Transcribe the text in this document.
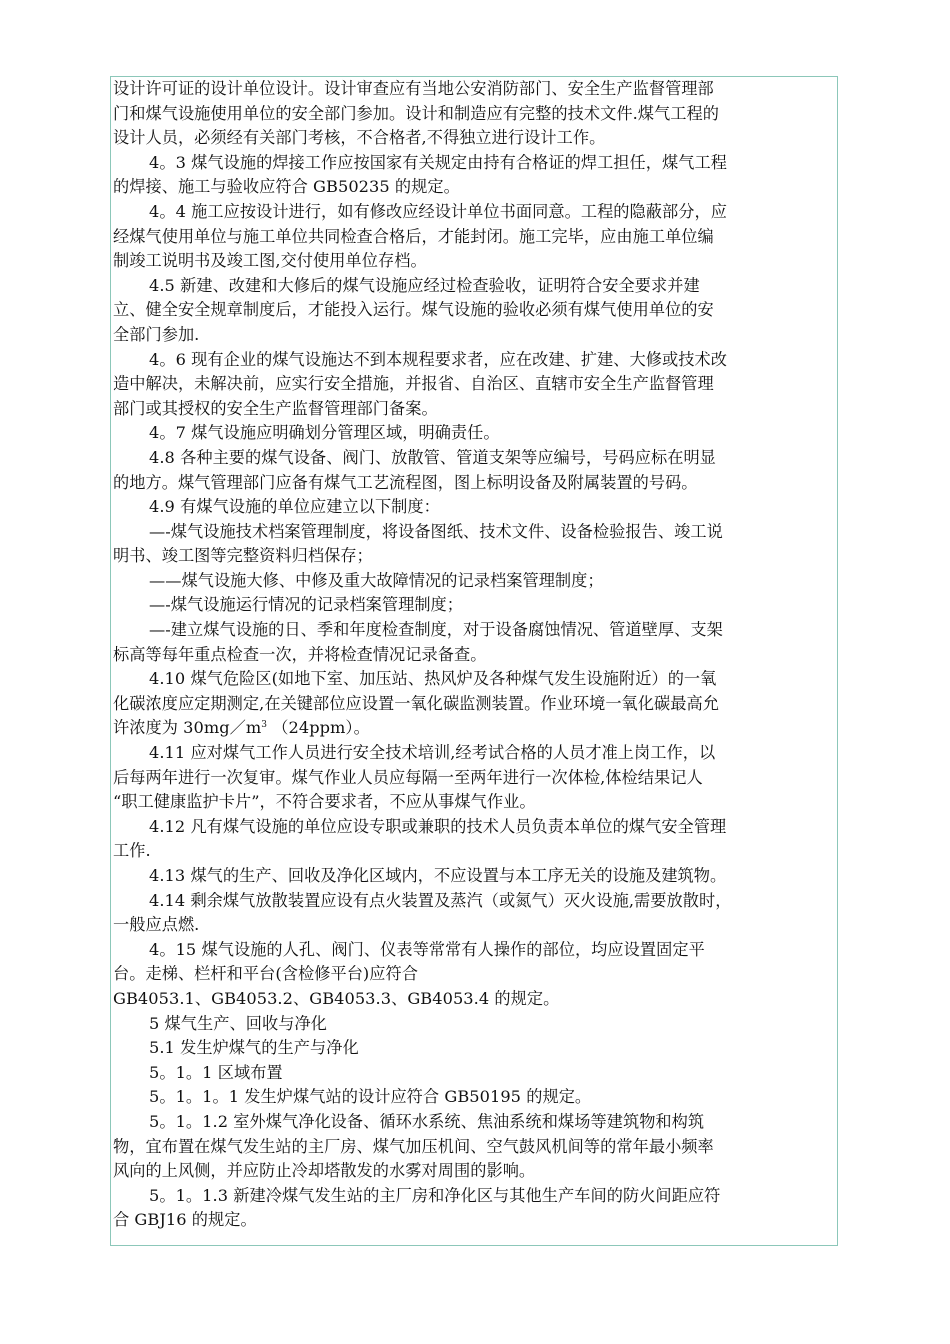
设计许可证的设计单位设计。设计审查应有当地公安消防部门、安全生产监督管理部
门和煤气设施使用单位的安全部门参加。设计和制造应有完整的技术文件.煤气工程的
设计人员，必须经有关部门考核，不合格者,不得独立进行设计工作。
4。3 煤气设施的焊接工作应按国家有关规定由持有合格证的焊工担任，煤气工程
的焊接、施工与验收应符合 GB50235 的规定。
4。4 施工应按设计进行，如有修改应经设计单位书面同意。工程的隐蔽部分，应
经煤气使用单位与施工单位共同检查合格后，才能封闭。施工完毕，应由施工单位编
制竣工说明书及竣工图,交付使用单位存档。
4.5 新建、改建和大修后的煤气设施应经过检查验收，证明符合安全要求并建
立、健全安全规章制度后，才能投入运行。煤气设施的验收必须有煤气使用单位的安
全部门参加.
4。6 现有企业的煤气设施达不到本规程要求者，应在改建、扩建、大修或技术改
造中解决，未解决前，应实行安全措施，并报省、自治区、直辖市安全生产监督管理
部门或其授权的安全生产监督管理部门备案。
4。7 煤气设施应明确划分管理区域，明确责任。
4.8 各种主要的煤气设备、阀门、放散管、管道支架等应编号，号码应标在明显
的地方。煤气管理部门应备有煤气工艺流程图，图上标明设备及附属装置的号码。
4.9 有煤气设施的单位应建立以下制度：
—-煤气设施技术档案管理制度，将设备图纸、技术文件、设备检验报告、竣工说
明书、竣工图等完整资料归档保存；
——煤气设施大修、中修及重大故障情况的记录档案管理制度；
—-煤气设施运行情况的记录档案管理制度；
—-建立煤气设施的日、季和年度检查制度，对于设备腐蚀情况、管道壁厚、支架
标高等每年重点检查一次，并将检查情况记录备查。
4.10 煤气危险区(如地下室、加压站、热风炉及各种煤气发生设施附近）的一氧
化碳浓度应定期测定,在关键部位应设置一氧化碳监测装置。作业环境一氧化碳最高允
许浓度为 $30mg/m^3$ （24ppm）。
4.11 应对煤气工作人员进行安全技术培训,经考试合格的人员才准上岗工作，以
后每两年进行一次复审。煤气作业人员应每隔一至两年进行一次体检,体检结果记人
“职工健康监护卡片”，不符合要求者，不应从事煤气作业。
4.12 凡有煤气设施的单位应设专职或兼职的技术人员负责本单位的煤气安全管理
工作.
4.13 煤气的生产、回收及净化区域内，不应设置与本工序无关的设施及建筑物。
4.14 剩余煤气放散装置应设有点火装置及蒸汽（或氮气）灭火设施,需要放散时，
一般应点燃.
4。15 煤气设施的人孔、阀门、仪表等常常有人操作的部位，均应设置固定平
台。走梯、栏杆和平台(含检修平台)应符合
GB4053.1、GB4053.2、GB4053.3、GB4053.4 的规定。
5 煤气生产、回收与净化
5.1 发生炉煤气的生产与净化
5。1。1 区域布置
5。1。1。1 发生炉煤气站的设计应符合 GB50195 的规定。
5。1。1.2 室外煤气净化设备、循环水系统、焦油系统和煤场等建筑物和构筑
物，宜布置在煤气发生站的主厂房、煤气加压机间、空气鼓风机间等的常年最小频率
风向的上风侧，并应防止冷却塔散发的水雾对周围的影响。
5。1。1.3 新建冷煤气发生站的主厂房和净化区与其他生产车间的防火间距应符
合 GBJ16 的规定。
